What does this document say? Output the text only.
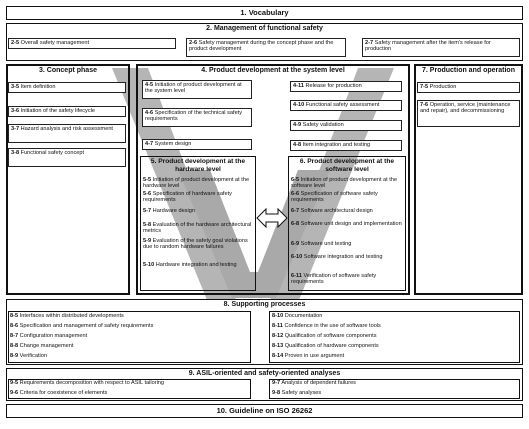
1. Vocabulary
2. Management of functional safety
2-5 Overall safety management	2-6 Safety management during the concept phase and the product development
2-7 Safety management after the item's release for production
3. Concept phase
3-5 Item definition
3-6 Initiation of the safety lifecycle
3-7 Hazard analysis and risk assessment
3-8 Functional safety concept
4. Product development at the system level
4-5 Initiation of product development at the system level
4-6 Specification of the technical safety requirements
4-7 System design
4-11 Release for production
4-10 Functional safety assessment
4-9 Safety validation
4-8 Item integration and testing
5. Product development at the hardware level
5-5 Initiation of product development at the hardware level
5-6 Specification of hardware safety requirements
5-7 Hardware design
5-8 Evaluation of the hardware architectural metrics
5-9 Evaluation of the safety goal violations due to random hardware failures
5-10 Hardware integration and testing
6. Product development at the software level
6-5 Initiation of product development at the software level
6-6 Specification of software safety requirements
6-7 Software architectural design
6-8 Software unit design and implementation
6-9 Software unit testing
6-10 Software integration and testing
6-11 Verification of software safety requirements
7. Production and operation
7-5 Production
7-6 Operation, service (maintenance and repair), and decommissioning
8. Supporting processes
8-5 Interfaces within distributed developments
8-6 Specification and management of safety requirements
8-7 Configuration management
8-8 Change management
8-9 Verification
8-10 Documentation
8-11 Confidence in the use of software tools
8-12 Qualification of software components
8-13 Qualification of hardware components
8-14 Proven in use argument
9. ASIL-oriented and safety-oriented analyses
9-5 Requirements decomposition with respect to ASIL tailoring
9-6 Criteria for coexistence of elements
9-7 Analysis of dependent failures
9-8 Safety analyses
10. Guideline on ISO 26262
